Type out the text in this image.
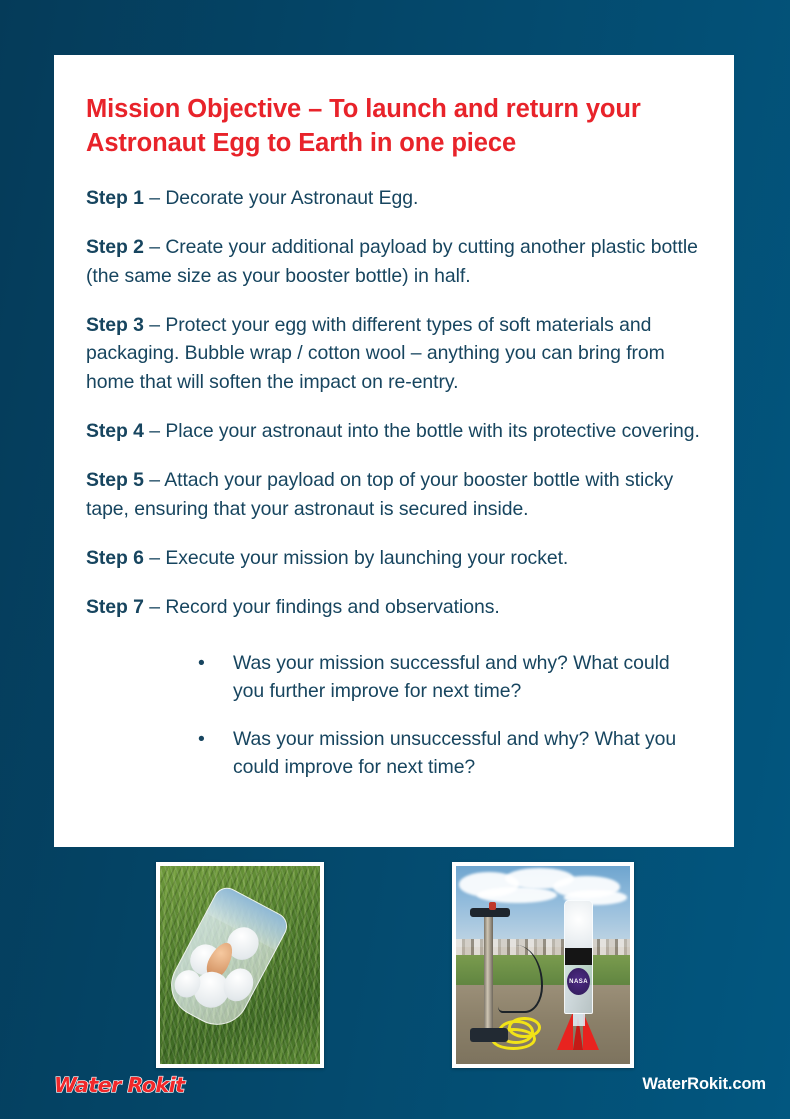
Mission Objective – To launch and return your Astronaut Egg to Earth in one piece

Step 1 – Decorate your Astronaut Egg.

Step 2 – Create your additional payload by cutting another plastic bottle (the same size as your booster bottle) in half.

Step 3 – Protect your egg with different types of soft materials and packaging. Bubble wrap / cotton wool – anything you can bring from home that will soften the impact on re-entry.

Step 4 – Place your astronaut into the bottle with its protective covering.

Step 5 – Attach your payload on top of your booster bottle with sticky tape, ensuring that your astronaut is secured inside.

Step 6 – Execute your mission by launching your rocket.

Step 7 – Record your findings and observations.

• Was your mission successful and why? What could you further improve for next time?
• Was your mission unsuccessful and why? What you could improve for next time?
NASA
Water Rokit	WaterRokit.com
